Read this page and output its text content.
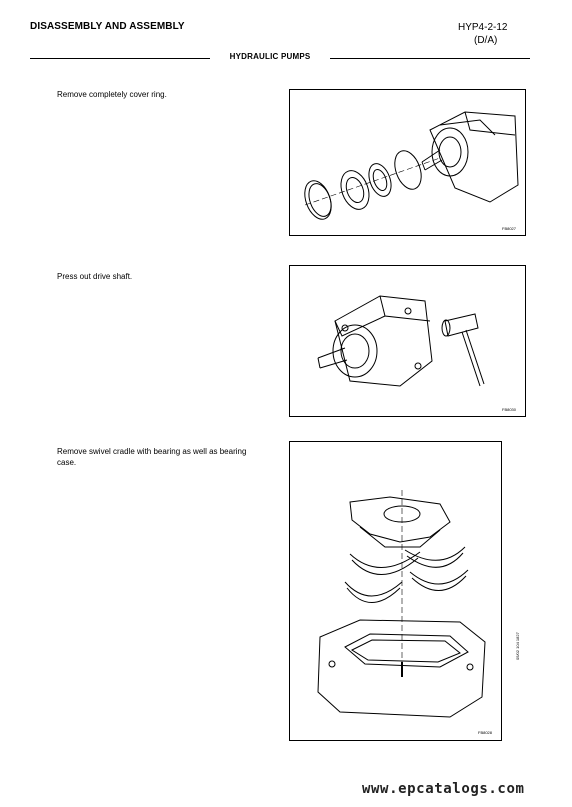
DISASSEMBLY AND ASSEMBLY	HYP4-2-12
(D/A)
HYDRAULIC PUMPS
Remove completely cover ring.
FB8027
Press out drive shaft.
FB8030
Remove swivel cradle with bearing as well as bearing case.
FB8028
05/02 104 1827
www.epcatalogs.com
